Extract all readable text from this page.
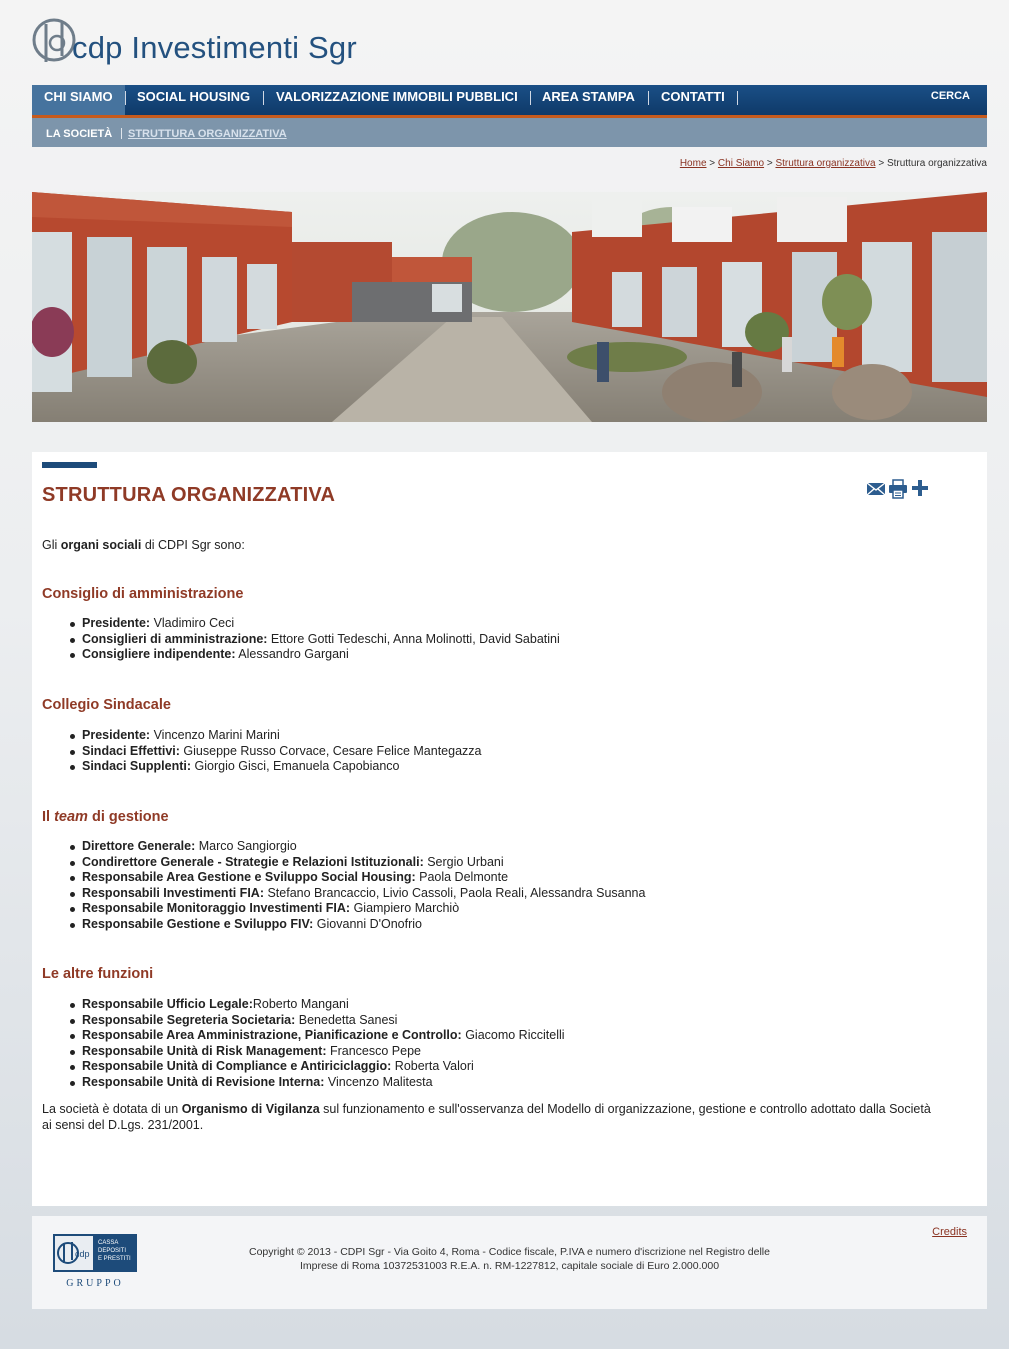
cdp Investimenti Sgr
CHI SIAMO	SOCIAL HOUSING VALORIZZAZIONE IMMOBILI PUBBLICI AREA STAMPA CONTATTI	CERCA
LA SOCIETÀ STRUTTURA ORGANIZZATIVA
Home > Chi Siamo > Struttura organizzativa > Struttura organizzativa
STRUTTURA ORGANIZZATIVA
Gli organi sociali di CDPI Sgr sono:
Consiglio di amministrazione
Presidente: Vladimiro Ceci
Consiglieri di amministrazione: Ettore Gotti Tedeschi, Anna Molinotti, David Sabatini
Consigliere indipendente: Alessandro Gargani
Collegio Sindacale
Presidente: Vincenzo Marini Marini
Sindaci Effettivi: Giuseppe Russo Corvace, Cesare Felice Mantegazza
Sindaci Supplenti: Giorgio Gisci, Emanuela Capobianco
Il team di gestione
Direttore Generale: Marco Sangiorgio
Condirettore Generale - Strategie e Relazioni Istituzionali: Sergio Urbani
Responsabile Area Gestione e Sviluppo Social Housing: Paola Delmonte
Responsabili Investimenti FIA: Stefano Brancaccio, Livio Cassoli, Paola Reali, Alessandra Susanna
Responsabile Monitoraggio Investimenti FIA: Giampiero Marchiò
Responsabile Gestione e Sviluppo FIV: Giovanni D'Onofrio
Le altre funzioni
Responsabile Ufficio Legale:Roberto Mangani
Responsabile Segreteria Societaria: Benedetta Sanesi
Responsabile Area Amministrazione, Pianificazione e Controllo: Giacomo Riccitelli
Responsabile Unità di Risk Management: Francesco Pepe
Responsabile Unità di Compliance e Antiriciclaggio: Roberta Valori
Responsabile Unità di Revisione Interna: Vincenzo Malitesta
La società è dotata di un Organismo di Vigilanza sul funzionamento e sull'osservanza del Modello di organizzazione, gestione e controllo adottato dalla Società ai sensi del D.Lgs. 231/2001.
cdp
CASSA
DEPOSITI
E PRESTITI
GRUPPO
Copyright © 2013 - CDPI Sgr - Via Goito 4, Roma - Codice fiscale, P.IVA e numero d'iscrizione nel Registro delle
Imprese di Roma 10372531003 R.E.A. n. RM-1227812, capitale sociale di Euro 2.000.000
Credits
